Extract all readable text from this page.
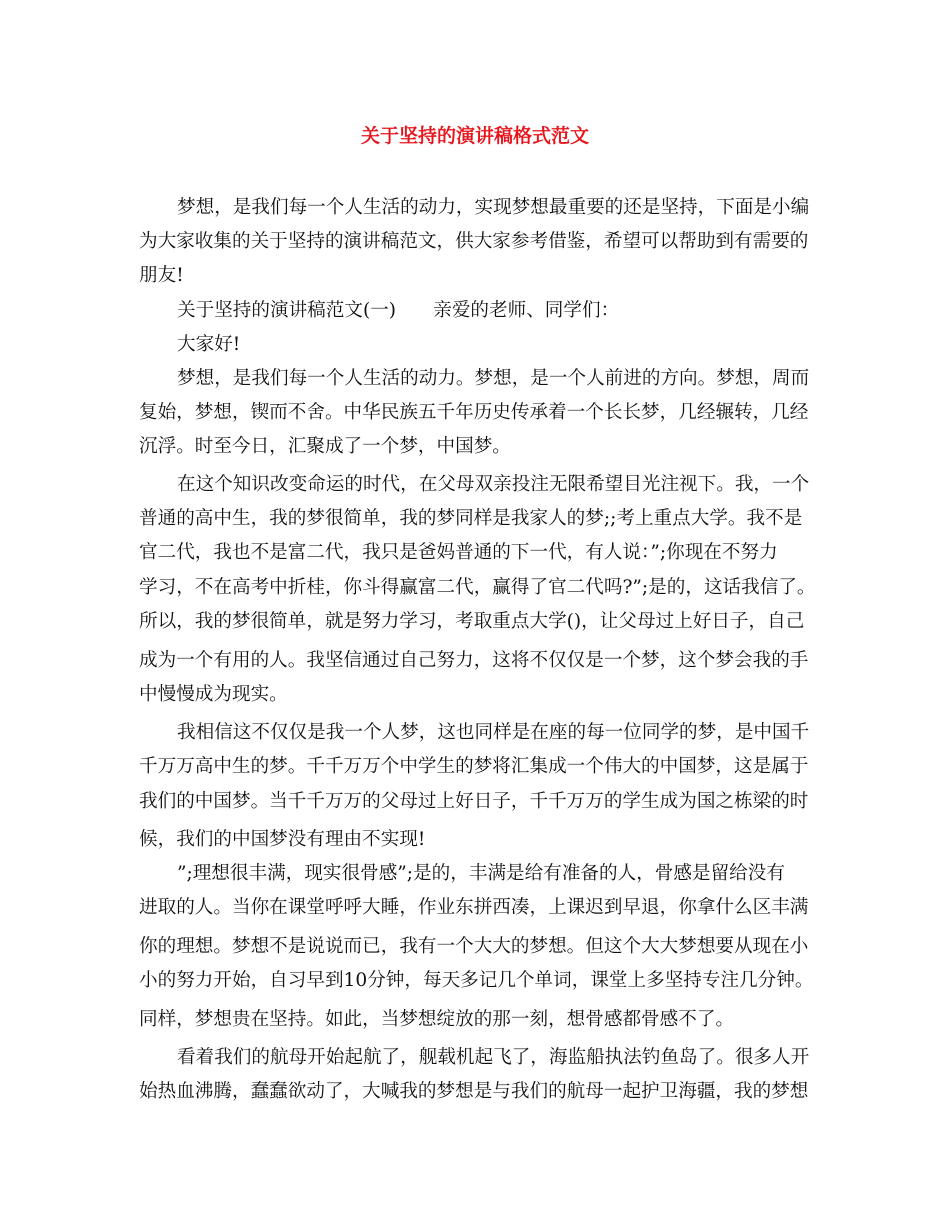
关于坚持的演讲稿格式范文
梦想，是我们每一个人生活的动力，实现梦想最重要的还是坚持，下面是小编
为大家收集的关于坚持的演讲稿范文，供大家参考借鉴，希望可以帮助到有需要的
朋友!
关于坚持的演讲稿范文(一)　　亲爱的老师、同学们：
大家好!
梦想，是我们每一个人生活的动力。梦想，是一个人前进的方向。梦想，周而
复始，梦想，锲而不舍。中华民族五千年历史传承着一个长长梦，几经辗转，几经
沉浮。时至今日，汇聚成了一个梦，中国梦。
在这个知识改变命运的时代，在父母双亲投注无限希望目光注视下。我，一个
普通的高中生，我的梦很简单，我的梦同样是我家人的梦;;考上重点大学。我不是
官二代，我也不是富二代，我只是爸妈普通的下一代，有人说：”;你现在不努力
学习，不在高考中折桂，你斗得赢富二代，赢得了官二代吗?”;是的，这话我信了。
所以，我的梦很简单，就是努力学习，考取重点大学()，让父母过上好日子，自己
成为一个有用的人。我坚信通过自己努力，这将不仅仅是一个梦，这个梦会我的手
中慢慢成为现实。
我相信这不仅仅是我一个人梦，这也同样是在座的每一位同学的梦，是中国千
千万万高中生的梦。千千万万个中学生的梦将汇集成一个伟大的中国梦，这是属于
我们的中国梦。当千千万万的父母过上好日子，千千万万的学生成为国之栋梁的时
候，我们的中国梦没有理由不实现!
”;理想很丰满，现实很骨感”;是的，丰满是给有准备的人，骨感是留给没有
进取的人。当你在课堂呼呼大睡，作业东拼西凑，上课迟到早退，你拿什么区丰满
你的理想。梦想不是说说而已，我有一个大大的梦想。但这个大大梦想要从现在小
小的努力开始，自习早到10分钟，每天多记几个单词，课堂上多坚持专注几分钟。
同样，梦想贵在坚持。如此，当梦想绽放的那一刻，想骨感都骨感不了。
看着我们的航母开始起航了，舰载机起飞了，海监船执法钓鱼岛了。很多人开
始热血沸腾，蠢蠢欲动了，大喊我的梦想是与我们的航母一起护卫海疆，我的梦想
